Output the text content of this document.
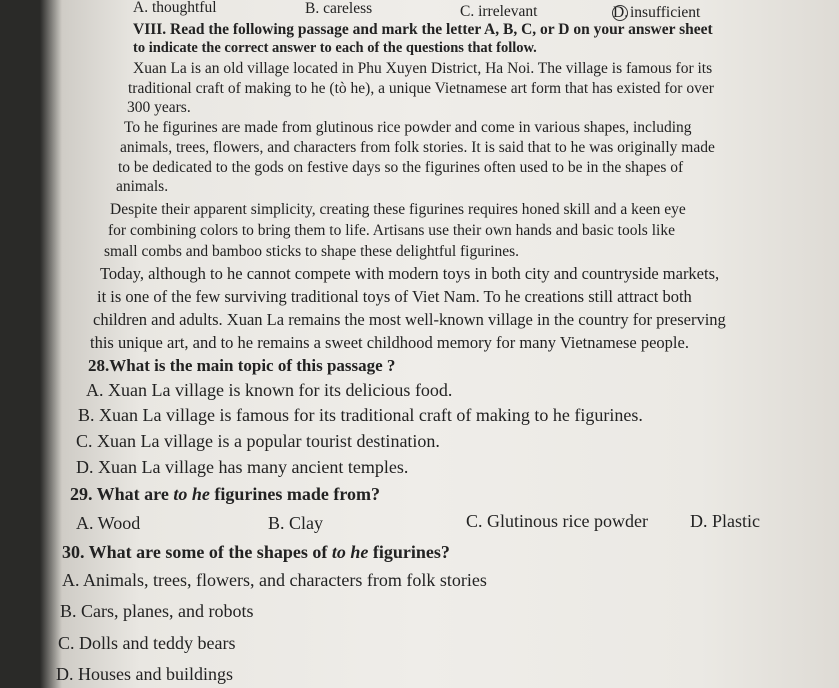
A. thoughtful	B. careless	C. irrelevant	D. insufficient
VIII. Read the following passage and mark the letter A, B, C, or D on your answer sheet
to indicate the correct answer to each of the questions that follow.
Xuan La is an old village located in Phu Xuyen District, Ha Noi. The village is famous for its
traditional craft of making to he (tò he), a unique Vietnamese art form that has existed for over
300 years.
To he figurines are made from glutinous rice powder and come in various shapes, including
animals, trees, flowers, and characters from folk stories. It is said that to he was originally made
to be dedicated to the gods on festive days so the figurines often used to be in the shapes of
animals.
Despite their apparent simplicity, creating these figurines requires honed skill and a keen eye
for combining colors to bring them to life. Artisans use their own hands and basic tools like
small combs and bamboo sticks to shape these delightful figurines.
Today, although to he cannot compete with modern toys in both city and countryside markets,
it is one of the few surviving traditional toys of Viet Nam. To he creations still attract both
children and adults. Xuan La remains the most well-known village in the country for preserving
this unique art, and to he remains a sweet childhood memory for many Vietnamese people.
28.What is the main topic of this passage ?
A. Xuan La village is known for its delicious food.
B. Xuan La village is famous for its traditional craft of making to he figurines.
C. Xuan La village is a popular tourist destination.
D. Xuan La village has many ancient temples.
29. What are to he figurines made from?
A. Wood	B. Clay	C. Glutinous rice powder D. Plastic
30. What are some of the shapes of to he figurines?
A. Animals, trees, flowers, and characters from folk stories
B. Cars, planes, and robots
C. Dolls and teddy bears
D. Houses and buildings
